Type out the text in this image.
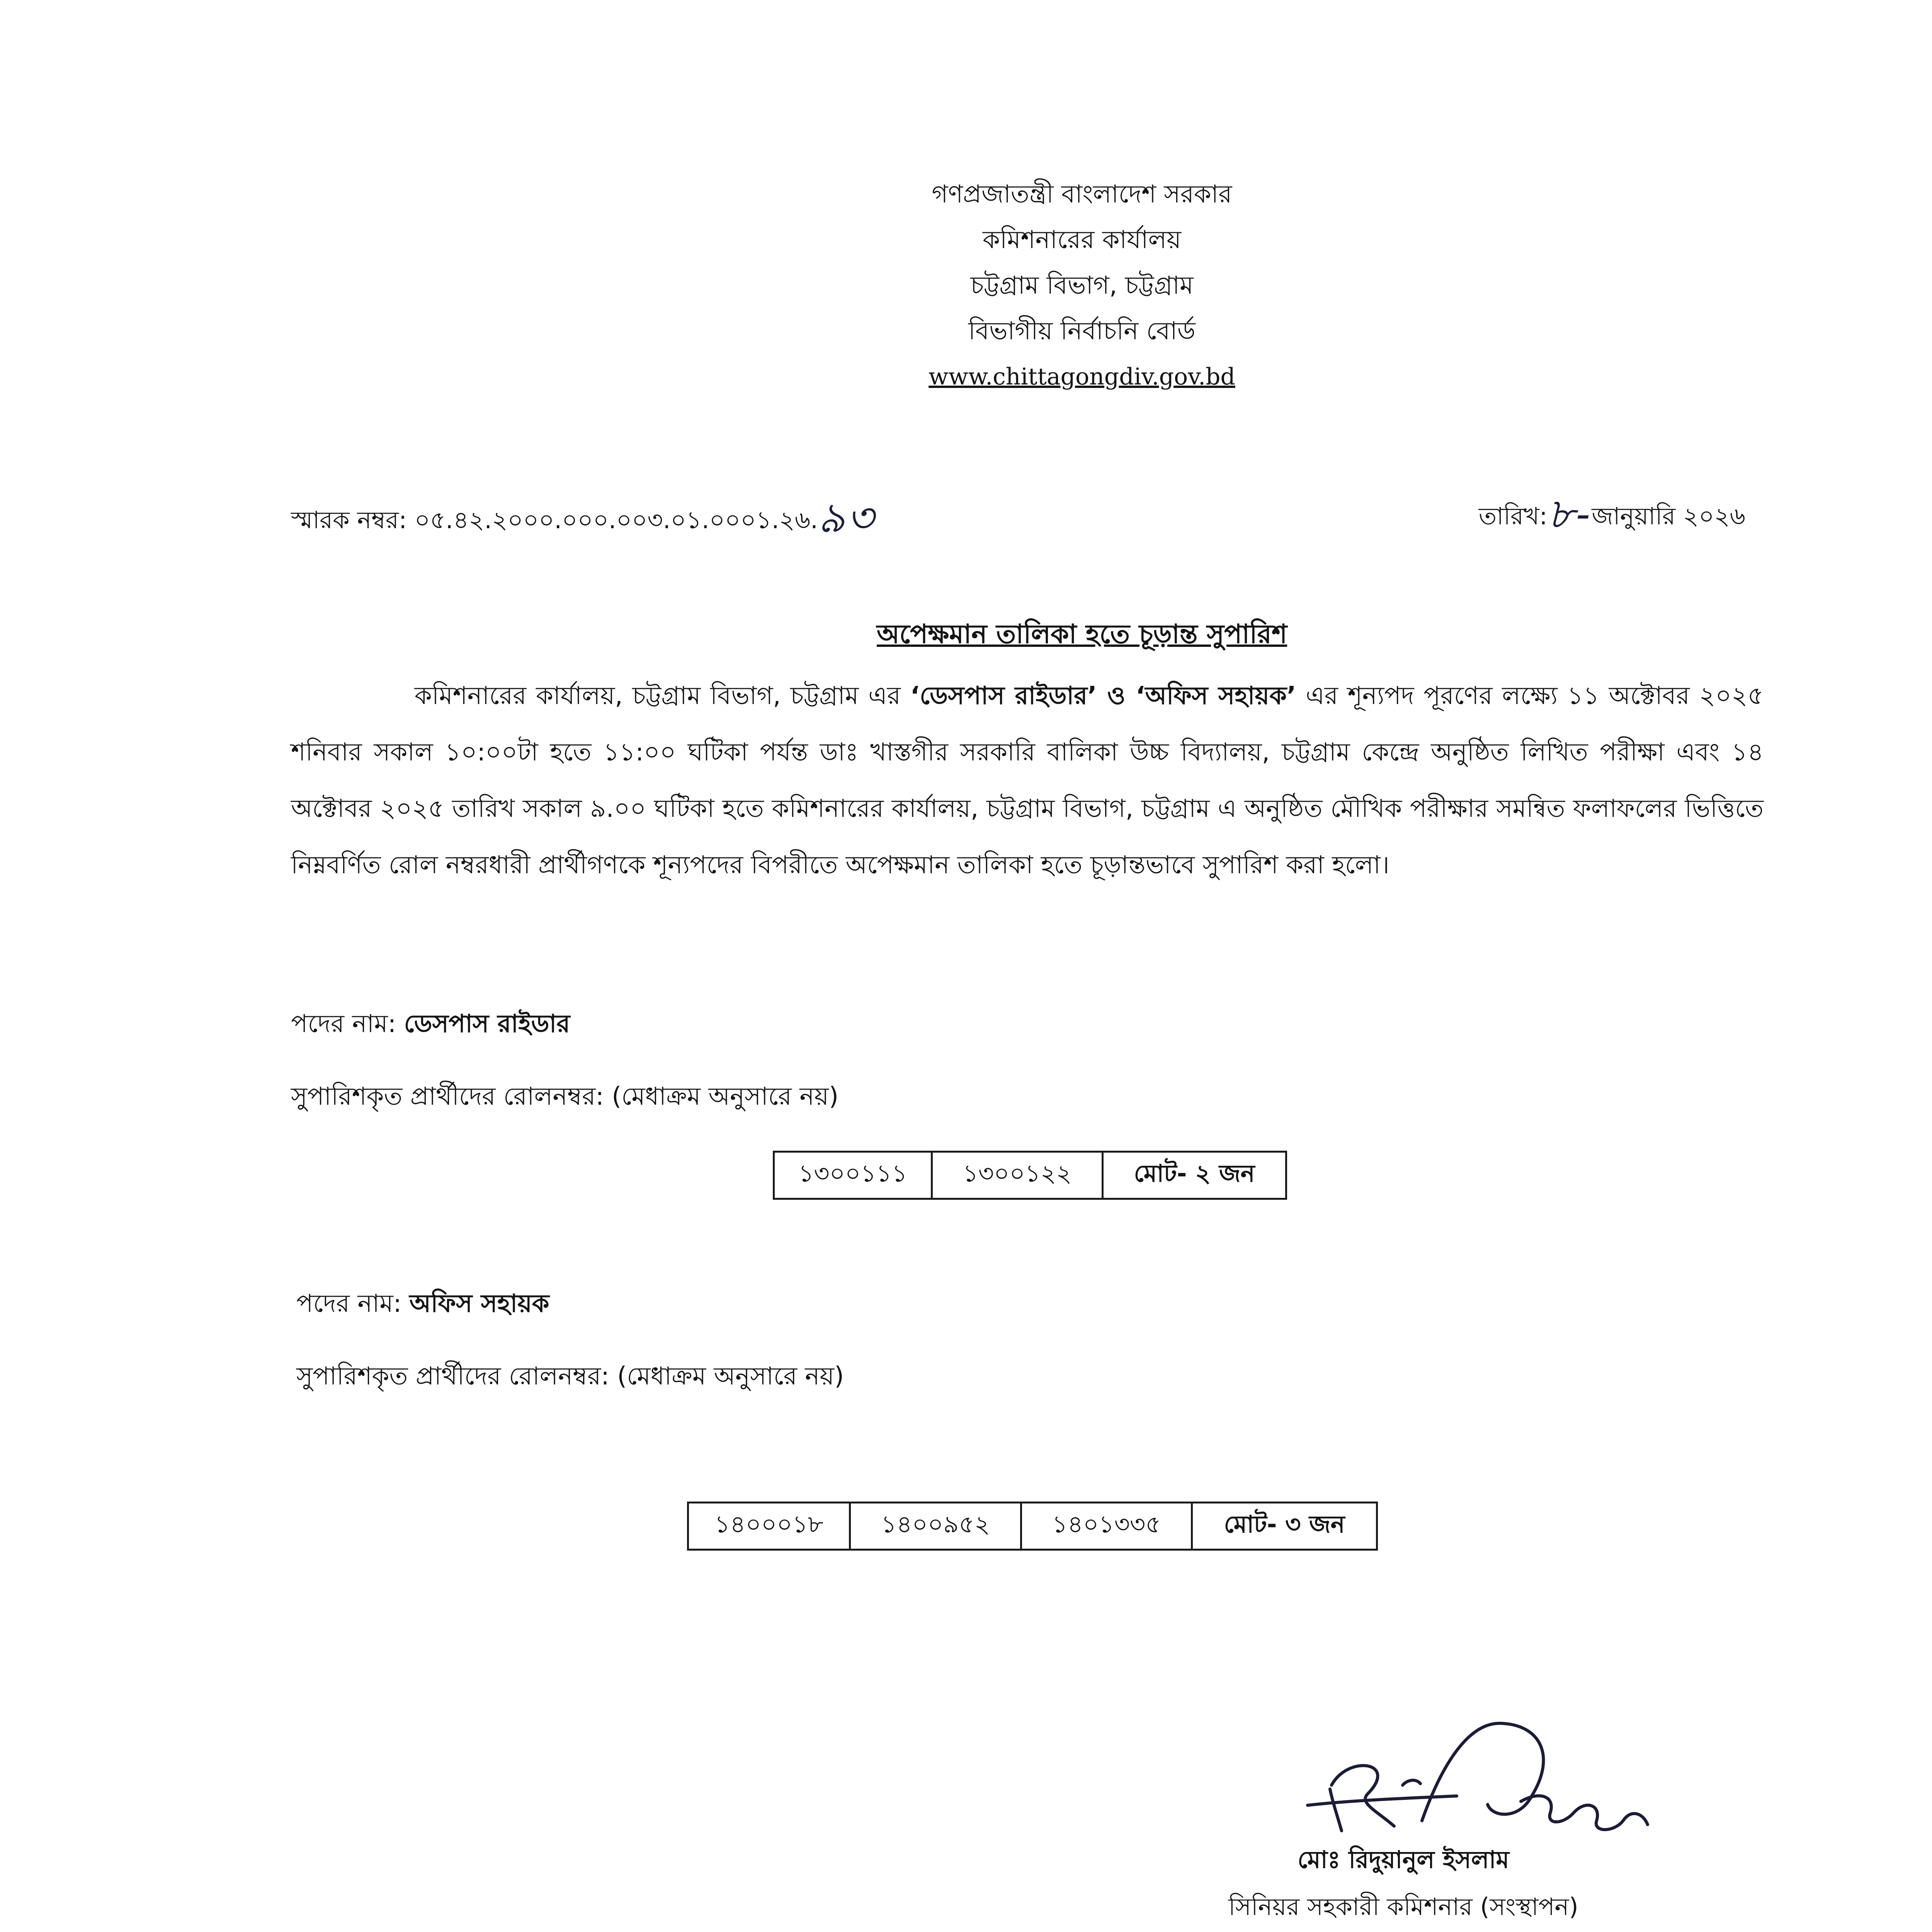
গণপ্রজাতন্ত্রী বাংলাদেশ সরকার
কমিশনারের কার্যালয়
চট্টগ্রাম বিভাগ, চট্টগ্রাম
বিভাগীয় নির্বাচনি বোর্ড
www.chittagongdiv.gov.bd
স্মারক নম্বর: ০৫.৪২.২০০০.০০০.০০৩.০১.০০০১.২৬.৯৩	তারিখ:৮-জানুয়ারি ২০২৬
অপেক্ষমান তালিকা হতে চূড়ান্ত সুপারিশ
কমিশনারের কার্যালয়, চট্টগ্রাম বিভাগ, চট্টগ্রাম এর ‘ডেসপাস রাইডার’ ও ‘অফিস সহায়ক’ এর শূন্যপদ পূরণের লক্ষ্যে ১১ অক্টোবর ২০২৫ শনিবার সকাল ১০:০০টা হতে ১১:০০ ঘটিকা পর্যন্ত ডাঃ খাস্তগীর সরকারি বালিকা উচ্চ বিদ্যালয়, চট্টগ্রাম কেন্দ্রে অনুষ্ঠিত লিখিত পরীক্ষা এবং ১৪ অক্টোবর ২০২৫ তারিখ সকাল ৯.০০ ঘটিকা হতে কমিশনারের কার্যালয়, চট্টগ্রাম বিভাগ, চট্টগ্রাম এ অনুষ্ঠিত মৌখিক পরীক্ষার সমন্বিত ফলাফলের ভিত্তিতে নিম্নবর্ণিত রোল নম্বরধারী প্রার্থীগণকে শূন্যপদের বিপরীতে অপেক্ষমান তালিকা হতে চূড়ান্তভাবে সুপারিশ করা হলো।
পদের নাম: ডেসপাস রাইডার
সুপারিশকৃত প্রার্থীদের রোলনম্বর: (মেধাক্রম অনুসারে নয়)
১৩০০১১১	১৩০০১২২	মোট- ২ জন
পদের নাম: অফিস সহায়ক
সুপারিশকৃত প্রার্থীদের রোলনম্বর: (মেধাক্রম অনুসারে নয়)
১৪০০০১৮	১৪০০৯৫২	১৪০১৩৩৫	মোট- ৩ জন
মোঃ রিদুয়ানুল ইসলাম
সিনিয়র সহকারী কমিশনার (সংস্থাপন)
